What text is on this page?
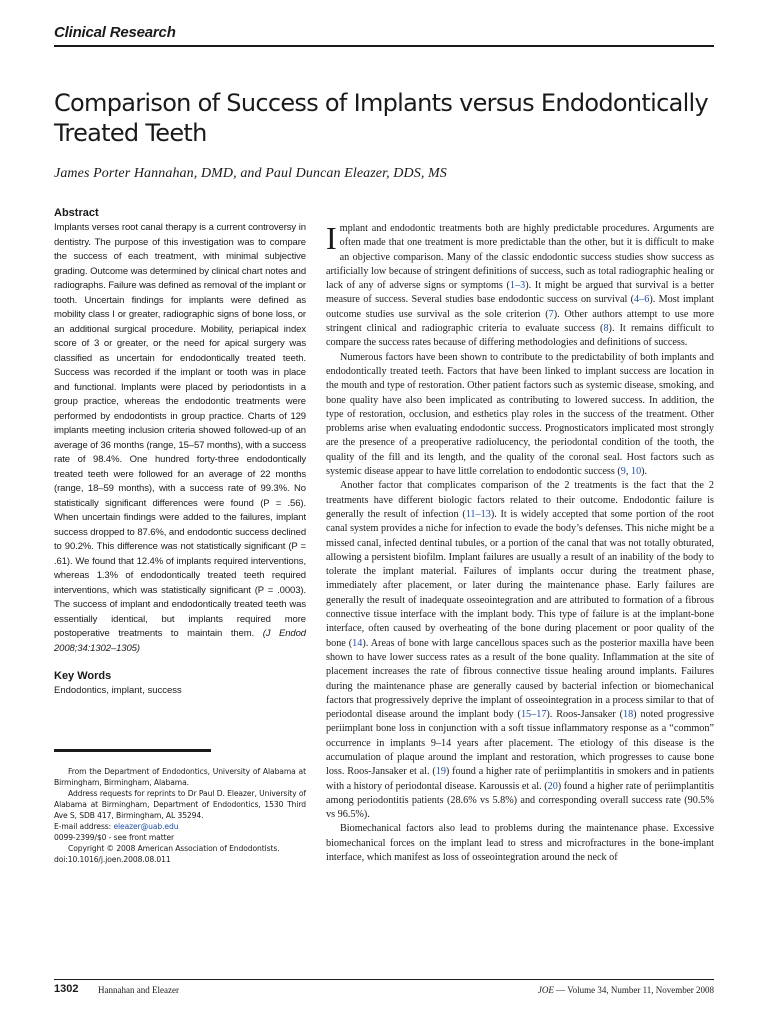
Clinical Research
Comparison of Success of Implants versus Endodontically Treated Teeth
James Porter Hannahan, DMD, and Paul Duncan Eleazer, DDS, MS
Abstract

Implants verses root canal therapy is a current controversy in dentistry. The purpose of this investigation was to compare the success of each treatment, with minimal subjective grading. Outcome was determined by clinical chart notes and radiographs. Failure was defined as removal of the implant or tooth. Uncertain findings for implants were defined as mobility class I or greater, radiographic signs of bone loss, or an additional surgical procedure. Mobility, periapical index score of 3 or greater, or the need for apical surgery was classified as uncertain for endodontically treated teeth. Success was recorded if the implant or tooth was in place and functional. Implants were placed by periodontists in a group practice, whereas the endodontic treatments were performed by endodontists in group practice. Charts of 129 implants meeting inclusion criteria showed followed-up of an average of 36 months (range, 15–57 months), with a success rate of 98.4%. One hundred forty-three endodontically treated teeth were followed for an average of 22 months (range, 18–59 months), with a success rate of 99.3%. No statistically significant differences were found (P = .56). When uncertain findings were added to the failures, implant success dropped to 87.6%, and endodontic success declined to 90.2%. This difference was not statistically significant (P = .61). We found that 12.4% of implants required interventions, whereas 1.3% of endodontically treated teeth required interventions, which was statistically significant (P = .0003). The success of implant and endodontically treated teeth was essentially identical, but implants required more postoperative treatments to maintain them. (J Endod 2008;34:1302–1305)

Key Words

Endodontics, implant, success

From the Department of Endodontics, University of Alabama at Birmingham, Birmingham, Alabama.

Address requests for reprints to Dr Paul D. Eleazer, University of Alabama at Birmingham, Department of Endodontics, 1530 Third Ave S, SDB 417, Birmingham, AL 35294.

E-mail address: eleazer@uab.edu

0099-2399/$0 - see front matter

Copyright © 2008 American Association of Endodontists.

doi:10.1016/j.joen.2008.08.011

Implant and endodontic treatments both are highly predictable procedures. Arguments are often made that one treatment is more predictable than the other, but it is difficult to make an objective comparison. Many of the classic endodontic success studies show success as artificially low because of stringent definitions of success, such as total radiographic healing or lack of any of adverse signs or symptoms (1–3). It might be argued that survival is a better measure of success. Several studies base endodontic success on survival (4–6). Most implant outcome studies use survival as the sole criterion (7). Other authors attempt to use more stringent clinical and radiographic criteria to evaluate success (8). It remains difficult to compare the success rates because of differing methodologies and definitions of success.

Numerous factors have been shown to contribute to the predictability of both implants and endodontically treated teeth. Factors that have been linked to implant success are location in the mouth and type of restoration. Other patient factors such as systemic disease, smoking, and bone quality have also been implicated as contributing to lowered success. In addition, the type of restoration, occlusion, and esthetics play roles in the success of the treatment. Other problems arise when evaluating endodontic success. Prognosticators implicated most strongly are the presence of a preoperative radiolucency, the periodontal condition of the tooth, the quality of the fill and its length, and the quality of the coronal seal. Host factors such as systemic disease appear to have little correlation to endodontic success (9, 10).

Another factor that complicates comparison of the 2 treatments is the fact that the 2 treatments have different biologic factors related to their outcome. Endodontic failure is generally the result of infection (11–13). It is widely accepted that some portion of the root canal system provides a niche for infection to evade the body’s defenses. This niche might be a missed canal, infected dentinal tubules, or a portion of the canal that was not totally obturated, allowing a persistent biofilm. Implant failures are usually a result of an inability of the body to tolerate the implant material. Failures of implants occur during the treatment phase, immediately after placement, or later during the maintenance phase. Early failures are generally the result of inadequate osseointegration and are attributed to formation of a fibrous connective tissue interface with the implant body. This type of failure is at the implant-bone interface, often caused by overheating of the bone during placement or poor quality of the bone (14). Areas of bone with large cancellous spaces such as the posterior maxilla have been shown to have lower success rates as a result of the bone quality. Inflammation at the site of placement increases the rate of fibrous connective tissue healing around implants. Failures during the maintenance phase are generally caused by bacterial infection or biomechanical factors that progressively deprive the implant of osseointegration in a process similar to that of periodontal disease around the implant body (15–17). Roos-Jansaker (18) noted progressive periimplant bone loss in conjunction with a soft tissue inflammatory response as a “common” occurrence in implants 9–14 years after placement. The etiology of this disease is the accumulation of plaque around the implant and restoration, which progresses to cause bone loss. Roos-Jansaker et al. (19) found a higher rate of periimplantitis in smokers and in patients with a history of periodontal disease. Karoussis et al. (20) found a higher rate of periimplantitis among periodontitis patients (28.6% vs 5.8%) and corresponding overall success rate (90.5% vs 96.5%).

Biomechanical factors also lead to problems during the maintenance phase. Excessive biomechanical forces on the implant lead to stress and microfractures in the bone-implant interface, which manifest as loss of osseointegration around the neck of

1302 Hannahan and Eleazer	JOE — Volume 34, Number 11, November 2008
